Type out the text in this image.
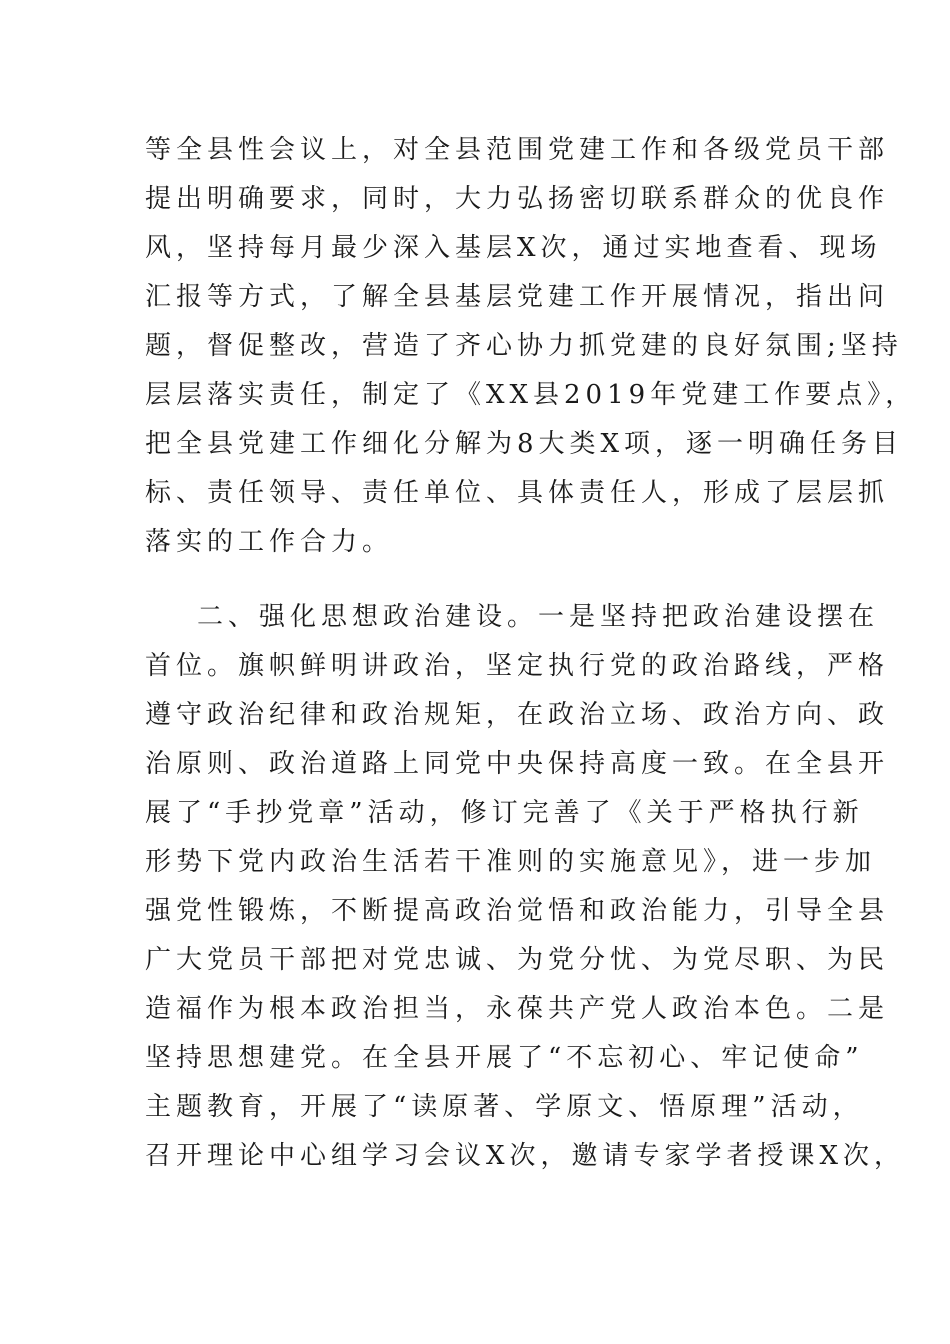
等全县性会议上，对全县范围党建工作和各级党员干部
提出明确要求，同时，大力弘扬密切联系群众的优良作
风，坚持每月最少深入基层X次，通过实地查看、现场
汇报等方式，了解全县基层党建工作开展情况，指出问
题，督促整改，营造了齐心协力抓党建的良好氛围;坚持
层层落实责任，制定了《XX县2019年党建工作要点》，
把全县党建工作细化分解为8大类X项，逐一明确任务目
标、责任领导、责任单位、具体责任人，形成了层层抓
落实的工作合力。
二、强化思想政治建设。一是坚持把政治建设摆在
首位。旗帜鲜明讲政治，坚定执行党的政治路线，严格
遵守政治纪律和政治规矩，在政治立场、政治方向、政
治原则、政治道路上同党中央保持高度一致。在全县开
展了“手抄党章”活动，修订完善了《关于严格执行新
形势下党内政治生活若干准则的实施意见》，进一步加
强党性锻炼，不断提高政治觉悟和政治能力，引导全县
广大党员干部把对党忠诚、为党分忧、为党尽职、为民
造福作为根本政治担当，永葆共产党人政治本色。二是
坚持思想建党。在全县开展了“不忘初心、牢记使命”
主题教育，开展了“读原著、学原文、悟原理”活动，
召开理论中心组学习会议X次，邀请专家学者授课X次，
